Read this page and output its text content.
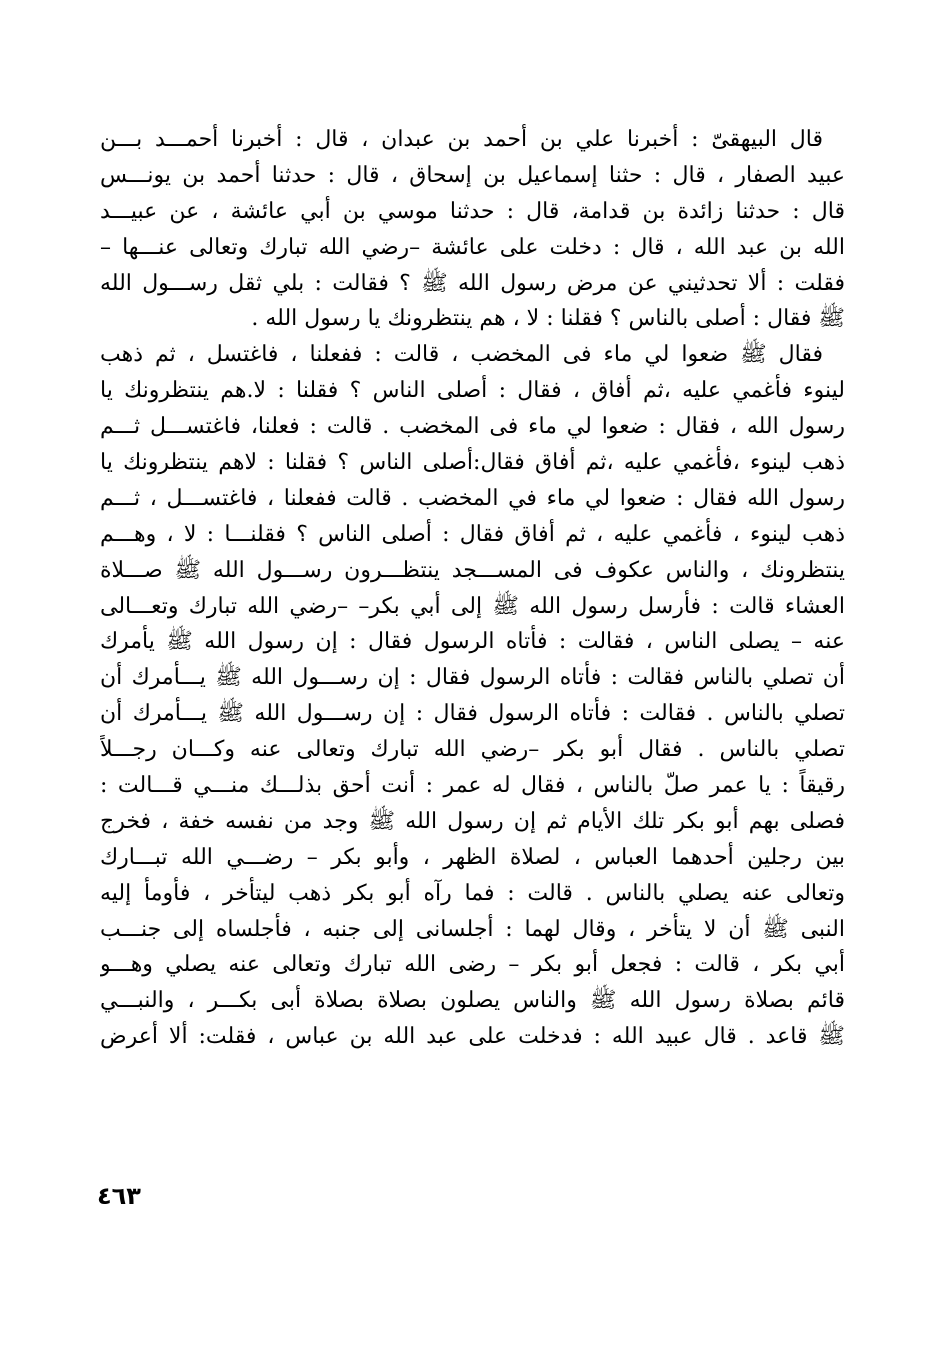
قال البيهقىّ : أخبرنا علي بن أحمد بن عبدان ، قال : أخبرنا أحمـــد بـــن
عبيد الصفار ، قال : حثنا إسماعيل بن إسحاق ، قال : حدثنا أحمد بن يونـــس
قال : حدثنا زائدة بن قدامة، قال : حدثنا موسي بن أبي عائشة ، عن عبيـــد
الله بن عبد الله ، قال : دخلت على عائشة –رضي الله تبارك وتعالى عنـــها –
فقلت : ألا تحدثيني عن مرض رسول الله ﷺ ؟ فقالت : بلي ثقل رســـول الله
ﷺ فقال : أصلى بالناس ؟ فقلنا : لا ، هم ينتظرونك يا رسول الله .
فقال ﷺ ضعوا لي ماء فى المخضب ، قالت : ففعلنا ، فاغتسل ، ثم ذهب
لينوء فأغمي عليه ،ثم أفاق ، فقال : أصلى الناس ؟ فقلنا : لا.هم ينتظرونك يا
رسول الله ، فقال : ضعوا لي ماء فى المخضب . قالت : فعلنا، فاغتســـل ثـــم
ذهب لينوء ،فأغمي عليه ،ثم أفاق فقال:أصلى الناس ؟ فقلنا : لاهم ينتظرونك يا
رسول الله فقال : ضعوا لي ماء في المخضب . قالت ففعلنا ، فاغتســـل ، ثـــم
ذهب لينوء ، فأغمي عليه ، ثم أفاق فقال : أصلى الناس ؟ فقلنـــا : لا ، وهـــم
ينتظرونك ، والناس عكوف فى المســـجد ينتظـــرون رســـول الله ﷺ صـــلاة
العشاء قالت : فأرسل رسول الله ﷺ إلى أبي بكر– –رضي الله تبارك وتعـــالى
عنه – يصلى الناس ، فقالت : فأتاه الرسول فقال : إن رسول الله ﷺ يأمرك
أن تصلي بالناس فقالت : فأتاه الرسول فقال : إن رســـول الله ﷺ يـــأمرك أن
تصلي بالناس . فقالت : فأتاه الرسول فقال : إن رســـول الله ﷺ يـــأمرك أن
تصلي بالناس . فقال أبو بكر –رضي الله تبارك وتعالى عنه وكـــان رجـــلاً
رقيقاً : يا عمر صلّ بالناس ، فقال له عمر : أنت أحق بذلـــك منـــي قـــالت :
فصلى بهم أبو بكر تلك الأيام ثم إن رسول الله ﷺ وجد من نفسه خفة ، فخرج
بين رجلين أحدهما العباس ، لصلاة الظهر ، وأبو بكر – رضـــي الله تبـــارك
وتعالى عنه يصلي بالناس . قالت : فما رآه أبو بكر ذهب ليتأخر ، فأومأ إليه
النبى ﷺ أن لا يتأخر ، وقال لهما : أجلسانى إلى جنبه ، فأجلساه إلى جنـــب
أبي بكر ، قالت : فجعل أبو بكر – رضى الله تبارك وتعالى عنه يصلي وهـــو
قائم بصلاة رسول الله ﷺ والناس يصلون بصلاة بصلاة أبى بكـــر ، والنبـــي
ﷺ قاعد . قال عبيد الله : فدخلت على عبد الله بن عباس ، فقلت: ألا أعرض
٤٦٣
